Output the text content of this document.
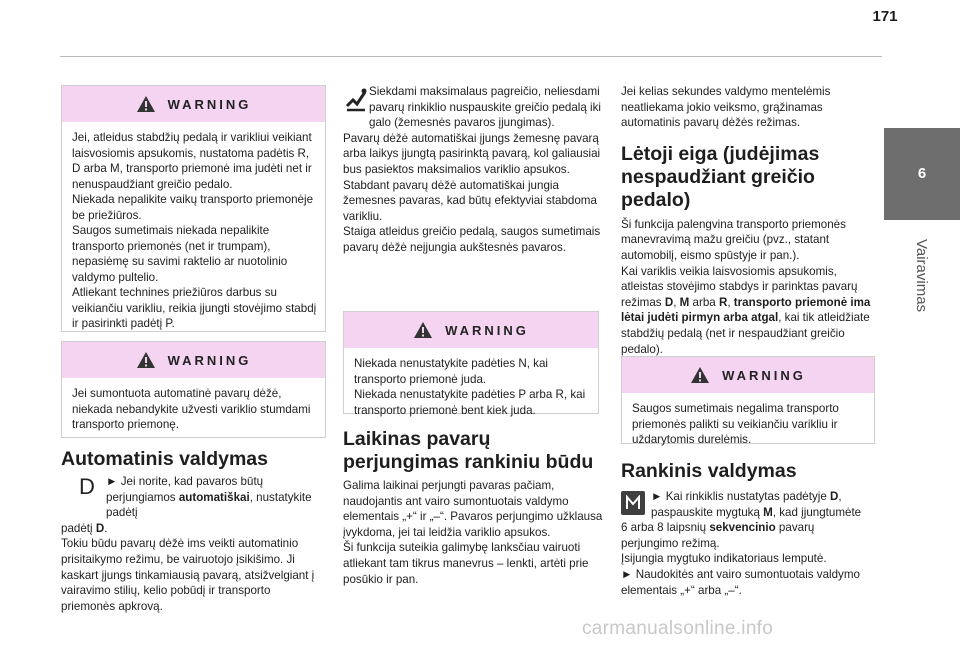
171
6
Vairavimas
WARNING

Jei, atleidus stabdžių pedalą ir varikliui veikiant laisvosiomis apsukomis, nustatoma padėtis R, D arba M, transporto priemonė ima judėti net ir nenuspaudžiant greičio pedalo.

Niekada nepalikite vaikų transporto priemonėje be priežiūros.

Saugos sumetimais niekada nepalikite transporto priemonės (net ir trumpam), nepasiėmę su savimi raktelio ar nuotolinio valdymo pultelio.

Atliekant technines priežiūros darbus su veikiančiu varikliu, reikia įjungti stovėjimo stabdį ir pasirinkti padėtį P.

WARNING

Jei sumontuota automatinė pavarų dėžė, niekada nebandykite užvesti variklio stumdami transporto priemonę.

Automatinis valdymas
D ► Jei norite, kad pavaros būtų perjungiamos automatiškai, nustatykite padėtį

padėtį D.

Tokiu būdu pavarų dėžė ims veikti automatinio prisitaikymo režimu, be vairuotojo įsikišimo. Ji kaskart įjungs tinkamiausią pavarą, atsižvelgiant į vairavimo stilių, kelio pobūdį ir transporto priemonės apkrovą.

Siekdami maksimalaus pagreičio, neliesdami pavarų rinkiklio nuspauskite greičio pedalą iki galo (žemesnės pavaros įjungimas).

Pavarų dėžė automatiškai įjungs žemesnę pavarą arba laikys įjungtą pasirinktą pavarą, kol galiausiai bus pasiektos maksimalios variklio apsukos.

Stabdant pavarų dėžė automatiškai jungia žemesnes pavaras, kad būtų efektyviai stabdoma varikliu.

Staiga atleidus greičio pedalą, saugos sumetimais pavarų dėžė neįjungia aukštesnės pavaros.

WARNING

Niekada nenustatykite padėties N, kai transporto priemonė juda.

Niekada nenustatykite padėties P arba R, kai transporto priemonė bent kiek juda.

Laikinas pavarų
perjungimas rankiniu būdu

Galima laikinai perjungti pavaras pačiam, naudojantis ant vairo sumontuotais valdymo elementais „+“ ir „–“. Pavaros perjungimo užklausa įvykdoma, jei tai leidžia variklio apsukos.

Ši funkcija suteikia galimybę lanksčiau vairuoti atliekant tam tikrus manevrus – lenkti, artėti prie posūkio ir pan.

Jei kelias sekundes valdymo mentelėmis neatliekama jokio veiksmo, grąžinamas automatinis pavarų dėžės režimas.

Lėtoji eiga (judėjimas
nespaudžiant greičio
pedalo)

Ši funkcija palengvina transporto priemonės manevravimą mažu greičiu (pvz., statant automobilį, eismo spūstyje ir pan.).

Kai variklis veikia laisvosiomis apsukomis, atleistas stovėjimo stabdys ir parinktas pavarų režimas D, M arba R, transporto priemonė ima lėtai judėti pirmyn arba atgal, kai tik atleidžiate stabdžių pedalą (net ir nespaudžiant greičio pedalo).

WARNING

Saugos sumetimais negalima transporto priemonės palikti su veikiančiu varikliu ir uždarytomis durelėmis.

Rankinis valdymas

► Kai rinkiklis nustatytas padėtyje D,

paspauskite mygtuką M, kad įjungtumėte

6 arba 8 laipsnių sekvencinio pavarų

perjungimo režimą.

Įsijungia mygtuko indikatoriaus lemputė.

► Naudokitės ant vairo sumontuotais valdymo

elementais „+“ arba „–“.

carmanualsonline.info
